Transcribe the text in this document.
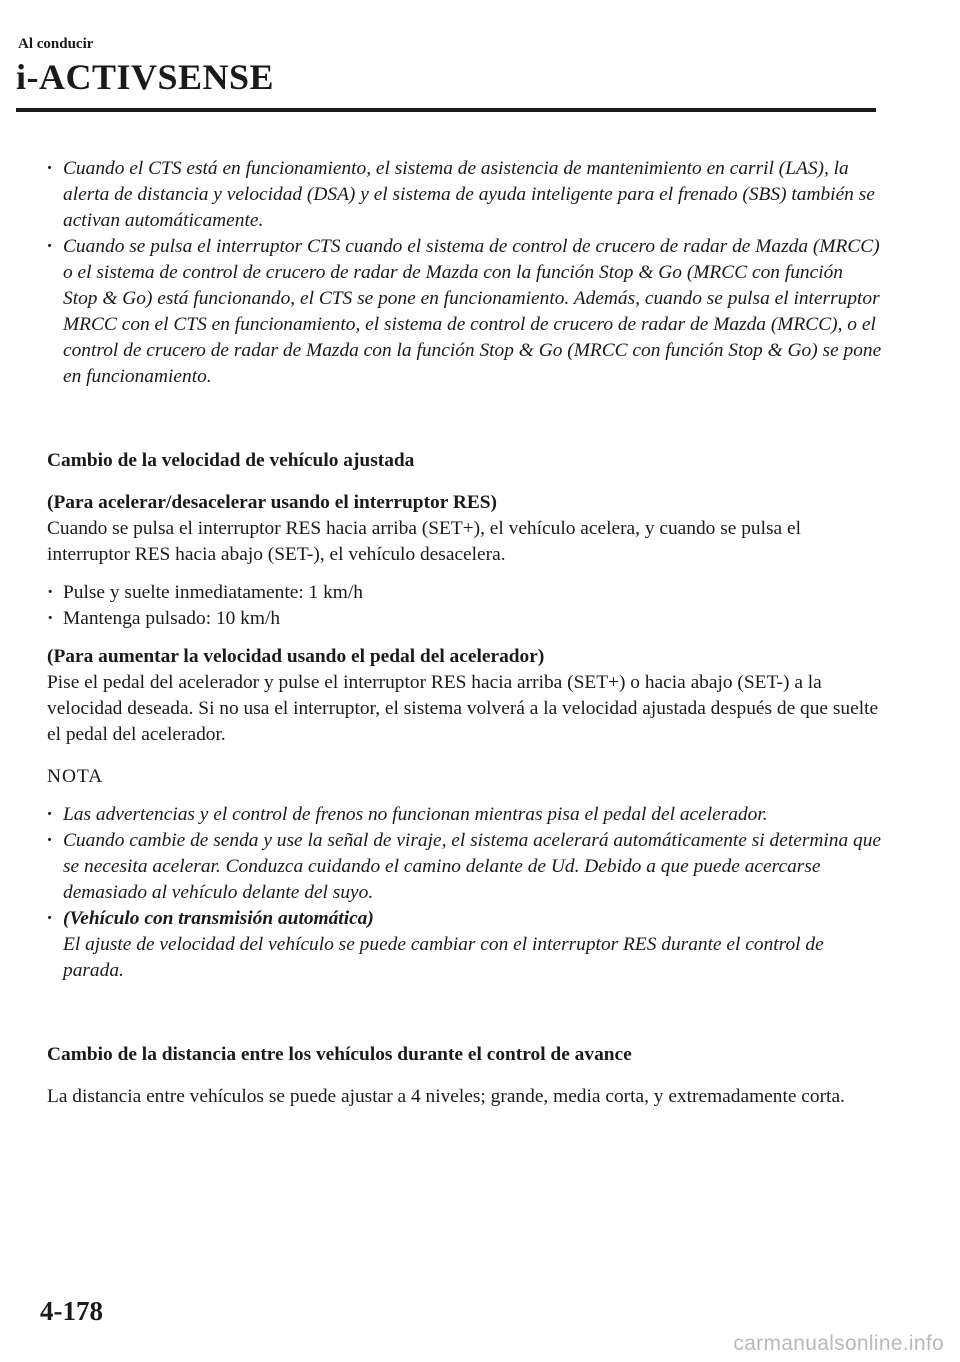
Al conducir
i-ACTIVSENSE
· Cuando el CTS está en funcionamiento, el sistema de asistencia de mantenimiento en carril (LAS), la alerta de distancia y velocidad (DSA) y el sistema de ayuda inteligente para el frenado (SBS) también se activan automáticamente.
· Cuando se pulsa el interruptor CTS cuando el sistema de control de crucero de radar de Mazda (MRCC) o el sistema de control de crucero de radar de Mazda con la función Stop & Go (MRCC con función Stop & Go) está funcionando, el CTS se pone en funcionamiento. Además, cuando se pulsa el interruptor MRCC con el CTS en funcionamiento, el sistema de control de crucero de radar de Mazda (MRCC), o el control de crucero de radar de Mazda con la función Stop & Go (MRCC con función Stop & Go) se pone en funcionamiento.

Cambio de la velocidad de vehículo ajustada

(Para acelerar/desacelerar usando el interruptor RES)

Cuando se pulsa el interruptor RES hacia arriba (SET+), el vehículo acelera, y cuando se pulsa el interruptor RES hacia abajo (SET-), el vehículo desacelera.

· Pulse y suelte inmediatamente: 1 km/h
· Mantenga pulsado: 10 km/h

(Para aumentar la velocidad usando el pedal del acelerador)

Pise el pedal del acelerador y pulse el interruptor RES hacia arriba (SET+) o hacia abajo (SET-) a la velocidad deseada. Si no usa el interruptor, el sistema volverá a la velocidad ajustada después de que suelte el pedal del acelerador.

NOTA

· Las advertencias y el control de frenos no funcionan mientras pisa el pedal del acelerador.
· Cuando cambie de senda y use la señal de viraje, el sistema acelerará automáticamente si determina que se necesita acelerar. Conduzca cuidando el camino delante de Ud. Debido a que puede acercarse demasiado al vehículo delante del suyo.
· (Vehículo con transmisión automática)
El ajuste de velocidad del vehículo se puede cambiar con el interruptor RES durante el control de parada.

Cambio de la distancia entre los vehículos durante el control de avance

La distancia entre vehículos se puede ajustar a 4 niveles; grande, media corta, y extremadamente corta.

4-178
carmanualsonline.info
